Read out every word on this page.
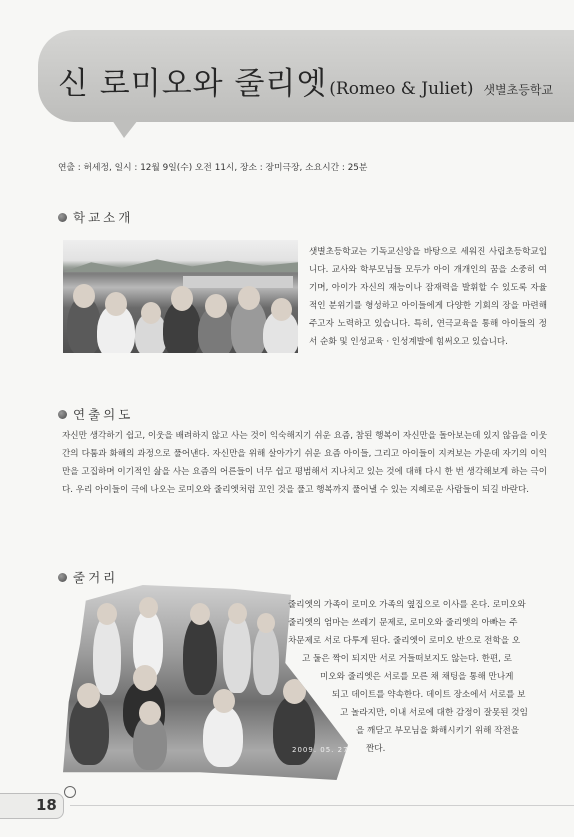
신 로미오와 줄리엣 (Romeo & Juliet) 샛별초등학교
연출 : 허세정, 일시 : 12월 9일(수) 오전 11시, 장소 : 장미극장, 소요시간 : 25분
학교소개
샛별초등학교는 기독교신앙을 바탕으로 세워진 사립초등학교입니다. 교사와 학부모님들 모두가 아이 개개인의 꿈을 소중히 여기며, 아이가 자신의 재능이나 잠재력을 발휘할 수 있도록 자율적인 분위기를 형성하고 아이들에게 다양한 기회의 장을 마련해 주고자 노력하고 있습니다. 특히, 연극교육을 통해 아이들의 정서 순화 및 인성교육 · 인성계발에 힘써오고 있습니다.
연출의도
자신만 생각하기 쉽고, 이웃을 배려하지 않고 사는 것이 익숙해지기 쉬운 요즘, 참된 행복이 자신만을 돌아보는데 있지 않음을 이웃 간의 다툼과 화해의 과정으로 풀어낸다. 자신만을 위해 살아가기 쉬운 요즘 아이들, 그리고 아이들이 지켜보는 가운데 자기의 이익만을 고집하며 이기적인 삶을 사는 요즘의 어른들이 너무 쉽고 평범해서 지나치고 있는 것에 대해 다시 한 번 생각해보게 하는 극이다. 우리 아이들이 극에 나오는 로미오와 줄리엣처럼 꼬인 것을 풀고 행복까지 풀어낼 수 있는 지혜로운 사람들이 되길 바란다.
줄거리
2009. 05. 27
줄리엣의 가족이 로미오 가족의 옆집으로 이사를 온다. 로미오와
줄리엣의 엄마는 쓰레기 문제로, 로미오와 줄리엣의 아빠는 주
차문제로 서로 다투게 된다. 줄리엣이 로미오 반으로 전학을 오
고 둘은 짝이 되지만 서로 거들떠보지도 않는다. 한편, 로
미오와 줄리엣은 서로를 모른 채 채팅을 통해 만나게
되고 데이트를 약속한다. 데이트 장소에서 서로를 보
고 놀라지만, 이내 서로에 대한 감정이 잘못된 것임
을 깨닫고 부모님을 화해시키기 위해 작전을
짠다.
18
